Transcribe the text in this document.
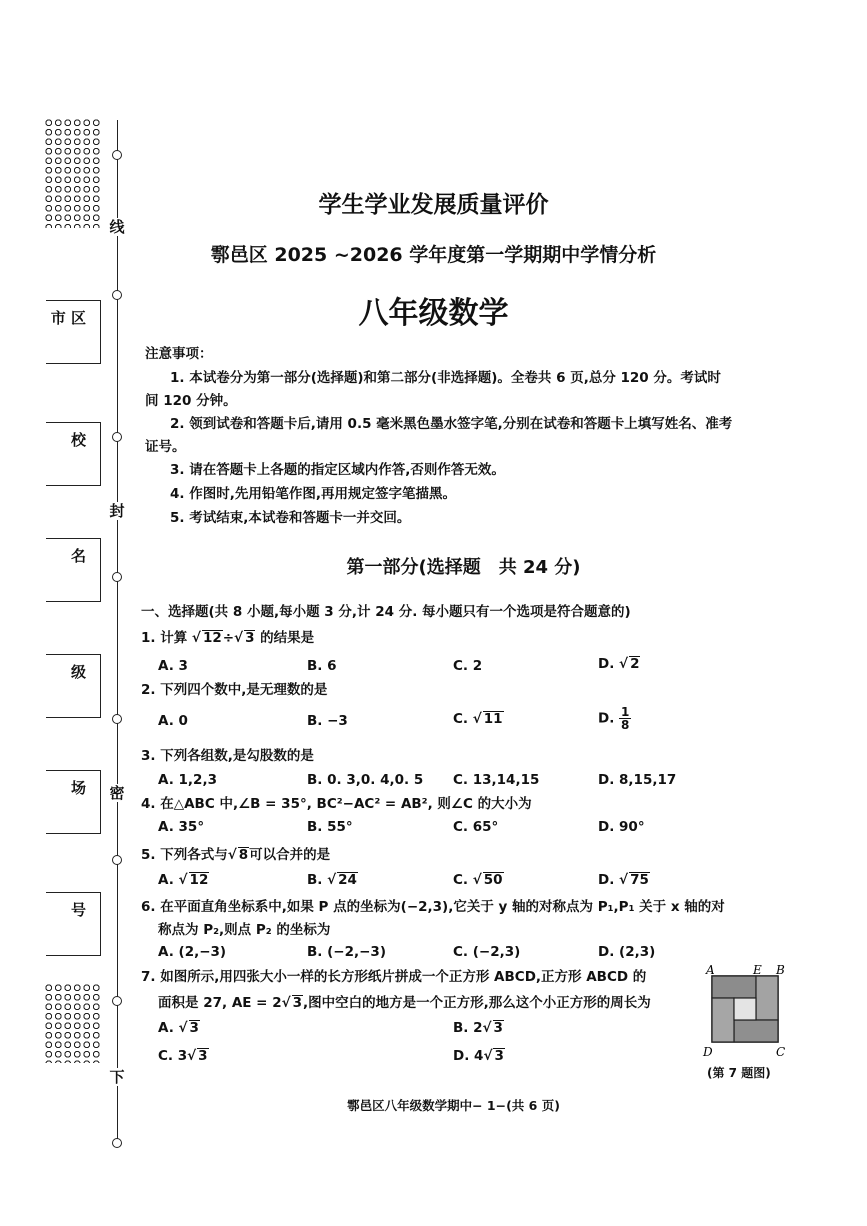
线
封
密
下
市 区
校
名
级
场
号
学生学业发展质量评价
鄠邑区 2025 ~2026 学年度第一学期期中学情分析
八年级数学
注意事项：
1. 本试卷分为第一部分(选择题)和第二部分(非选择题)。全卷共 6 页,总分 120 分。考试时
间 120 分钟。
2. 领到试卷和答题卡后,请用 0.5 毫米黑色墨水签字笔,分别在试卷和答题卡上填写姓名、准考
证号。
3. 请在答题卡上各题的指定区域内作答,否则作答无效。
4. 作图时,先用铅笔作图,再用规定签字笔描黑。
5. 考试结束,本试卷和答题卡一并交回。
第一部分(选择题　共 24 分)
一、选择题(共 8 小题,每小题 3 分,计 24 分. 每小题只有一个选项是符合题意的)
1. 计算 √ 12÷√ 3 的结果是
A. 3	B. 6	C. 2	D. √ 2
2. 下列四个数中,是无理数的是
A. 0	B. −3	C. √ 11	D. $\frac{1}{8}$
3. 下列各组数,是勾股数的是
A. 1,2,3	B. 0. 3,0. 4,0. 5 C. 13,14,15	D. 8,15,17
4. 在△ABC 中,∠B = 35°, BC²−AC² = AB², 则∠C 的大小为
A. 35°	B. 55°	C. 65°	D. 90°
5. 下列各式与√ 8可以合并的是
A. √ 12	B. √ 24	C. √ 50	D. √ 75
6. 在平面直角坐标系中,如果 P 点的坐标为(−2,3),它关于 y 轴的对称点为 P₁,P₁ 关于 x 轴的对
称点为 P₂,则点 P₂ 的坐标为
A. (2,−3)	B. (−2,−3)	C. (−2,3)	D. (2,3)
7. 如图所示,用四张大小一样的长方形纸片拼成一个正方形 ABCD,正方形 ABCD 的
面积是 27, AE = 2√ 3,图中空白的地方是一个正方形,那么这个小正方形的周长为
A. √ 3	B. 2√ 3
C. 3√ 3	D. 4√ 3
A	E B
D	C
(第 7 题图)
鄠邑区八年级数学期中− 1−(共 6 页)
